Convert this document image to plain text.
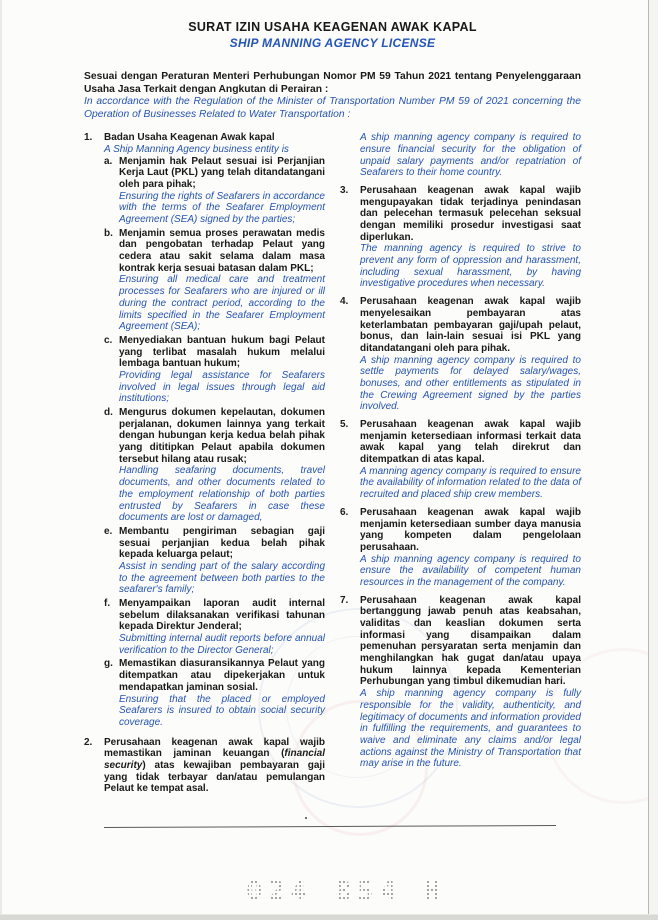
SURAT IZIN USAHA KEAGENAN AWAK KAPAL
SHIP MANNING AGENCY LICENSE

Sesuai dengan Peraturan Menteri Perhubungan Nomor PM 59 Tahun 2021 tentang Penyelenggaraan Usaha Jasa Terkait dengan Angkutan di Perairan :

In accordance with the Regulation of the Minister of Transportation Number PM 59 of 2021 concerning the Operation of Businesses Related to Water Transportation :

1.	Badan Usaha Keagenan Awak kapal

A Ship Manning Agency business entity is

a. Menjamin hak Pelaut sesuai isi Perjanjian Kerja Laut (PKL) yang telah ditandatangani oleh para pihak;

Ensuring the rights of Seafarers in accordance with the terms of the Seafarer Employment Agreement (SEA) signed by the parties;

b. Menjamin semua proses perawatan medis dan pengobatan terhadap Pelaut yang cedera atau sakit selama dalam masa kontrak kerja sesuai batasan dalam PKL;

Ensuring all medical care and treatment processes for Seafarers who are injured or ill during the contract period, according to the limits specified in the Seafarer Employment Agreement (SEA);

c. Menyediakan bantuan hukum bagi Pelaut yang terlibat masalah hukum melalui lembaga bantuan hukum;

Providing legal assistance for Seafarers involved in legal issues through legal aid institutions;

d. Mengurus dokumen kepelautan, dokumen perjalanan, dokumen lainnya yang terkait dengan hubungan kerja kedua belah pihak yang dititipkan Pelaut apabila dokumen tersebut hilang atau rusak;

Handling seafaring documents, travel documents, and other documents related to the employment relationship of both parties entrusted by Seafarers in case these documents are lost or damaged,

e. Membantu pengiriman sebagian gaji sesuai perjanjian kedua belah pihak kepada keluarga pelaut;

Assist in sending part of the salary according to the agreement between both parties to the seafarer's family;

f. Menyampaikan laporan audit internal sebelum dilaksanakan verifikasi tahunan kepada Direktur Jenderal;

Submitting internal audit reports before annual verification to the Director General;

g. Memastikan diasuransikannya Pelaut yang ditempatkan atau dipekerjakan untuk mendapatkan jaminan sosial.

Ensuring that the placed or employed Seafarers is insured to obtain social security coverage.

2.	Perusahaan keagenan awak kapal wajib memastikan jaminan keuangan (financial security) atas kewajiban pembayaran gaji yang tidak terbayar dan/atau pemulangan Pelaut ke tempat asal.

A ship manning agency company is required to ensure financial security for the obligation of unpaid salary payments and/or repatriation of Seafarers to their home country.

3.	Perusahaan keagenan awak kapal wajib mengupayakan tidak terjadinya penindasan dan pelecehan termasuk pelecehan seksual dengan memiliki prosedur investigasi saat diperlukan.

The manning agency is required to strive to prevent any form of oppression and harassment, including sexual harassment, by having investigative procedures when necessary.

4.	Perusahaan keagenan awak kapal wajib menyelesaikan pembayaran atas keterlambatan pembayaran gaji/upah pelaut, bonus, dan lain-lain sesuai isi PKL yang ditandatangani oleh para pihak.

A ship manning agency company is required to settle payments for delayed salary/wages, bonuses, and other entitlements as stipulated in the Crewing Agreement signed by the parties involved.

5.	Perusahaan keagenan awak kapal wajib menjamin ketersediaan informasi terkait data awak kapal yang telah direkrut dan ditempatkan di atas kapal.

A manning agency company is required to ensure the availability of information related to the data of recruited and placed ship crew members.

6.	Perusahaan keagenan awak kapal wajib menjamin ketersediaan sumber daya manusia yang kompeten dalam pengelolaan perusahaan.

A ship manning agency company is required to ensure the availability of competent human resources in the management of the company.

7.	Perusahaan keagenan awak kapal bertanggung jawab penuh atas keabsahan, validitas dan keaslian dokumen serta informasi yang disampaikan dalam pemenuhan persyaratan serta menjamin dan menghilangkan hak gugat dan/atau upaya hukum lainnya kepada Kementerian Perhubungan yang timbul dikemudian hari.

A ship manning agency company is fully responsible for the validity, authenticity, and legitimacy of documents and information provided in fulfilling the requirements, and guarantees to waive and eliminate any claims and/or legal actions against the Ministry of Transportation that may arise in the future.

024 854 H
